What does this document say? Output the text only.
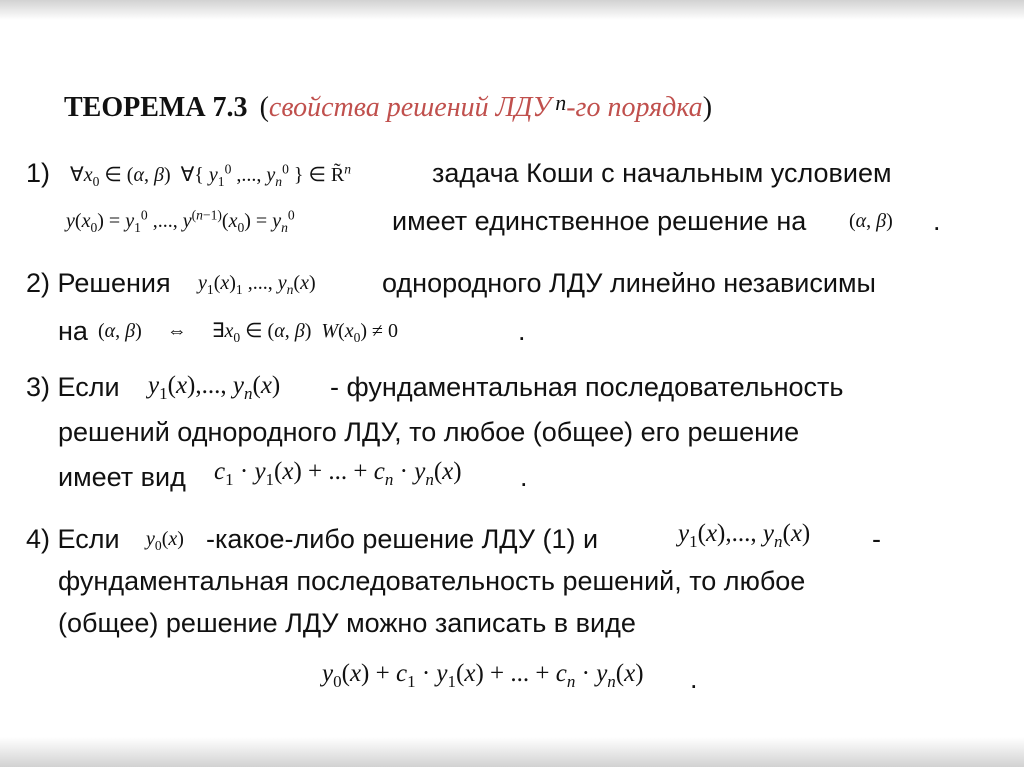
ТЕОРЕМА 7.3 (свойства решений ЛДУ n-го порядка)
1) $\forall x_0$ ∈ (α, β)  ∀{ $y_1^0$ ,..., $y_n^0$ } ∈ R̃$^n$	задача Коши с начальным условием
$y(x_0) = y_1^0$ ,..., $y^{(n-1)}(x_0) = y_n^0$	имеет единственное решение на (α, β) .
2) Решения $y_1(x)_1$ ,..., $y_n(x)$ однородного ЛДУ линейно независимы
на (α, β)     ⇔     $\exists x_0$ ∈ (α, β)  $W(x_0) \ne 0$	.
3) Если $y_1(x)$,..., $y_n(x)$ - фундаментальная последовательность
решений однородного ЛДУ, то любое (общее) его решение
имеет вид $c_1 \cdot y_1(x)$ + ... + $c_n \cdot y_n(x)$ .
4) Если $y_0(x)$ -какое-либо решение ЛДУ (1) и	$y_1(x)$,..., $y_n(x)$ -
фундаментальная последовательность решений, то любое
(общее) решение ЛДУ можно записать в виде
$y_0(x) + c_1 \cdot y_1(x)$ + ... + $c_n \cdot y_n(x)$ .
